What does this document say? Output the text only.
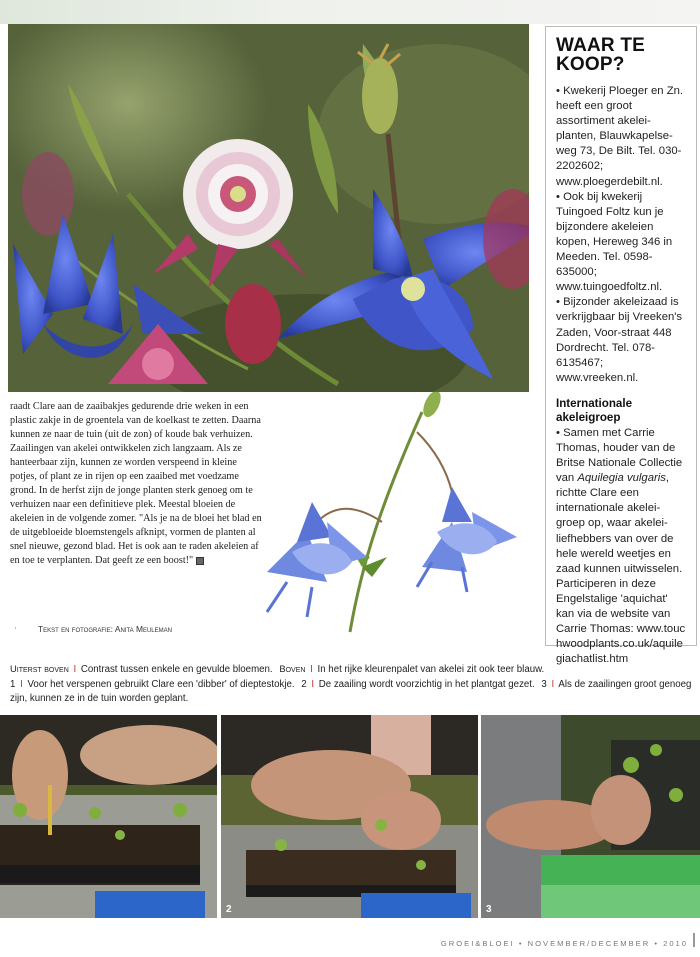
WAAR TE
KOOP?

• Kwekerij Ploeger en Zn. heeft een groot assortiment akelei-planten, Blauwkapelse-weg 73, De Bilt. Tel. 030-2202602;
www.ploegerdebilt.nl.

• Ook bij kwekerij Tuingoed Foltz kun je bijzondere akeleien kopen, Hereweg 346 in Meeden. Tel. 0598-635000;
www.tuingoedfoltz.nl.

• Bijzonder akeleizaad is verkrijgbaar bij Vreeken's Zaden, Voor-straat 448 Dordrecht. Tel. 078-6135467;
www.vreeken.nl.

Internationale
akeleigroep

• Samen met Carrie Thomas, houder van de Britse Nationale Collectie van Aquilegia vulgaris, richtte Clare een internationale akelei-groep op, waar akelei-liefhebbers van over de hele wereld weetjes en zaad kunnen uitwisselen. Participeren in deze Engelstalige 'aquichat' kan via de website van Carrie Thomas: www.touchwoodplants.co.uk/aquilegiachatlist.htm

raadt Clare aan de zaaibakjes gedurende drie weken in een plastic zakje in de groentela van de koelkast te zetten. Daarna kunnen ze naar de tuin (uit de zon) of koude bak verhuizen.

Zaailingen van akelei ontwikkelen zich langzaam. Als ze hanteerbaar zijn, kunnen ze worden verspeend in kleine potjes, of plant ze in rijen op een zaaibed met voedzame grond. In de herfst zijn de jonge planten sterk genoeg om te verhuizen naar een definitieve plek. Meestal bloeien de akeleien in de volgende zomer. "Als je na de bloei het blad en de uitgebloeide bloemstengels afknipt, vormen de planten al snel nieuwe, gezond blad. Het is ook aan te raden akeleien af en toe te verplanten. Dat geeft ze een boost!"

·	Tekst en fotografie: Anita Meuleman
Uiterst boven I Contrast tussen enkele en gevulde bloemen. Boven I In het rijke kleurenpalet van akelei zit ook teer blauw.
1 I Voor het verspenen gebruikt Clare een 'dibber' of dieptestokje. 2 I De zaailing wordt voorzichtig in het plantgat gezet. 3 I Als de zaailingen groot genoeg zijn, kunnen ze in de tuin worden geplant.
2	3
GROEI&BLOEI • NOVEMBER/DECEMBER • 2010
